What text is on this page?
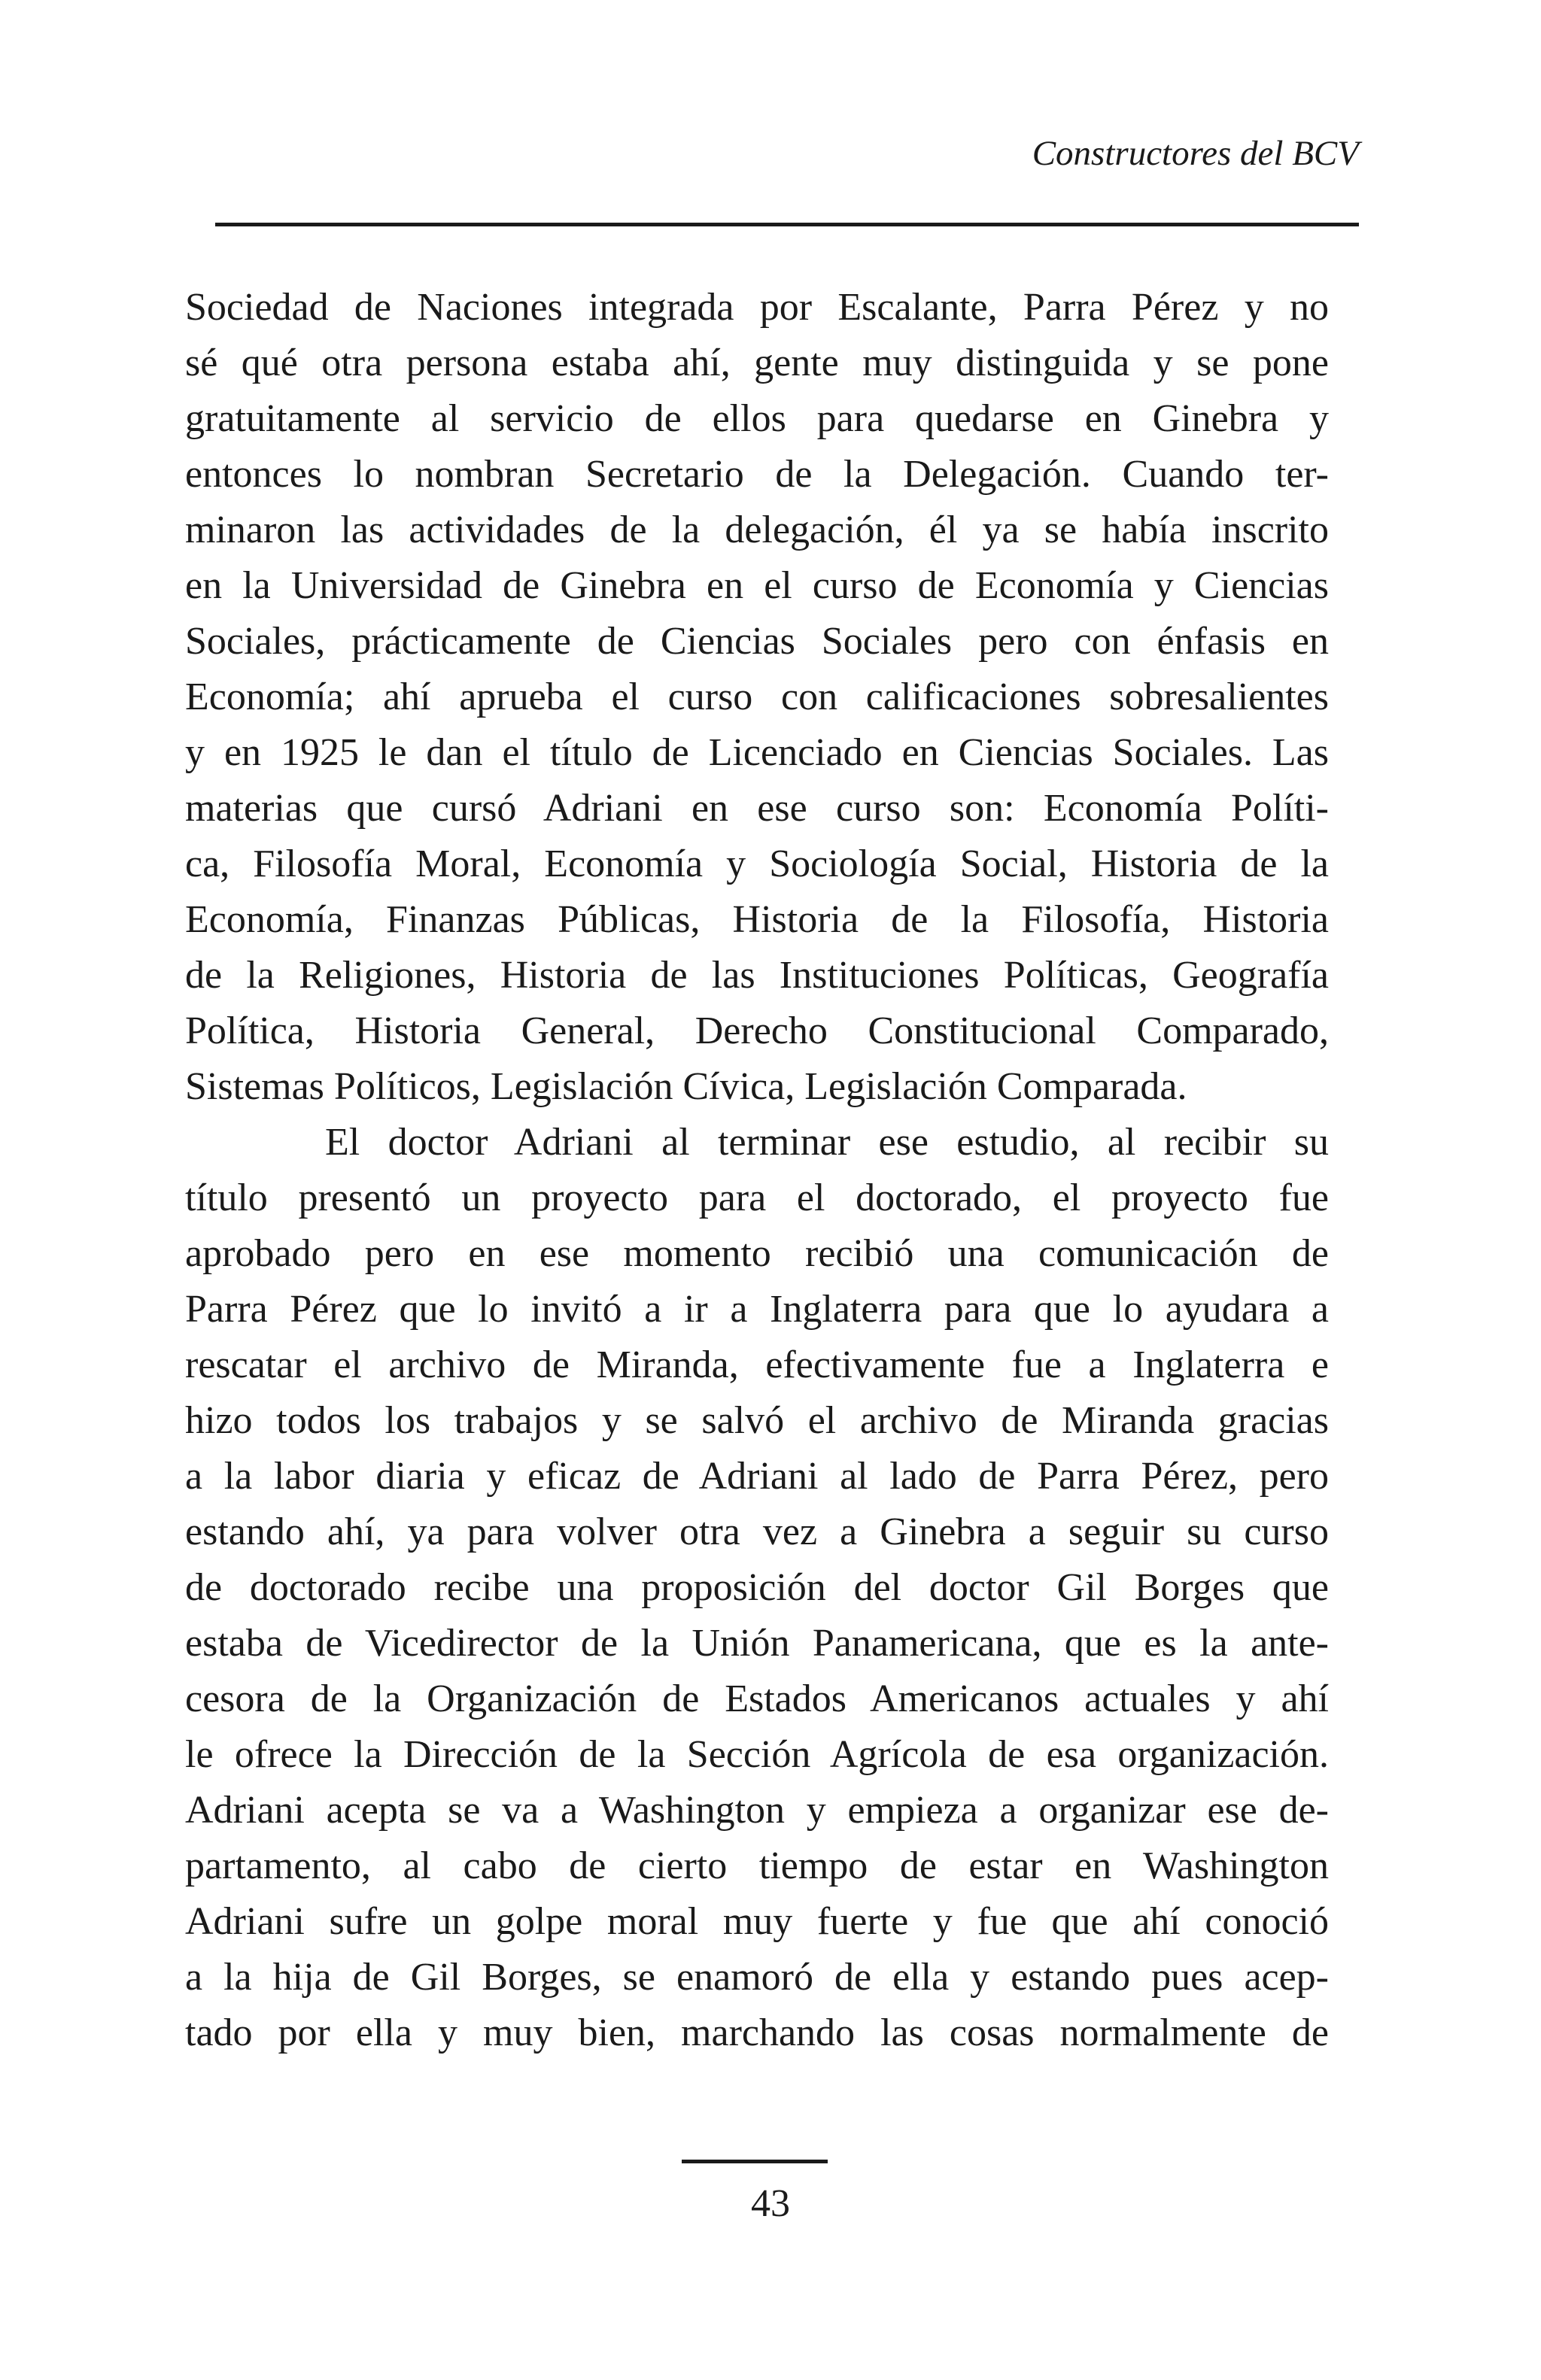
Constructores del BCV
Sociedad de Naciones integrada por Escalante, Parra Pérez y no
sé qué otra persona estaba ahí, gente muy distinguida y se pone
gratuitamente al servicio de ellos para quedarse en Ginebra y
entonces lo nombran Secretario de la Delegación. Cuando ter-
minaron las actividades de la delegación, él ya se había inscrito
en la Universidad de Ginebra en el curso de Economía y Ciencias
Sociales, prácticamente de Ciencias Sociales pero con énfasis en
Economía; ahí aprueba el curso con calificaciones sobresalientes
y en 1925 le dan el título de Licenciado en Ciencias Sociales. Las
materias que cursó Adriani en ese curso son: Economía Políti-
ca, Filosofía Moral, Economía y Sociología Social, Historia de la
Economía, Finanzas Públicas, Historia de la Filosofía, Historia
de la Religiones, Historia de las Instituciones Políticas, Geografía
Política, Historia General, Derecho Constitucional Comparado,
Sistemas Políticos, Legislación Cívica, Legislación Comparada.
El doctor Adriani al terminar ese estudio, al recibir su
título presentó un proyecto para el doctorado, el proyecto fue
aprobado pero en ese momento recibió una comunicación de
Parra Pérez que lo invitó a ir a Inglaterra para que lo ayudara a
rescatar el archivo de Miranda, efectivamente fue a Inglaterra e
hizo todos los trabajos y se salvó el archivo de Miranda gracias
a la labor diaria y eficaz de Adriani al lado de Parra Pérez, pero
estando ahí, ya para volver otra vez a Ginebra a seguir su curso
de doctorado recibe una proposición del doctor Gil Borges que
estaba de Vicedirector de la Unión Panamericana, que es la ante-
cesora de la Organización de Estados Americanos actuales y ahí
le ofrece la Dirección de la Sección Agrícola de esa organización.
Adriani acepta se va a Washington y empieza a organizar ese de-
partamento, al cabo de cierto tiempo de estar en Washington
Adriani sufre un golpe moral muy fuerte y fue que ahí conoció
a la hija de Gil Borges, se enamoró de ella y estando pues acep-
tado por ella y muy bien, marchando las cosas normalmente de
43
